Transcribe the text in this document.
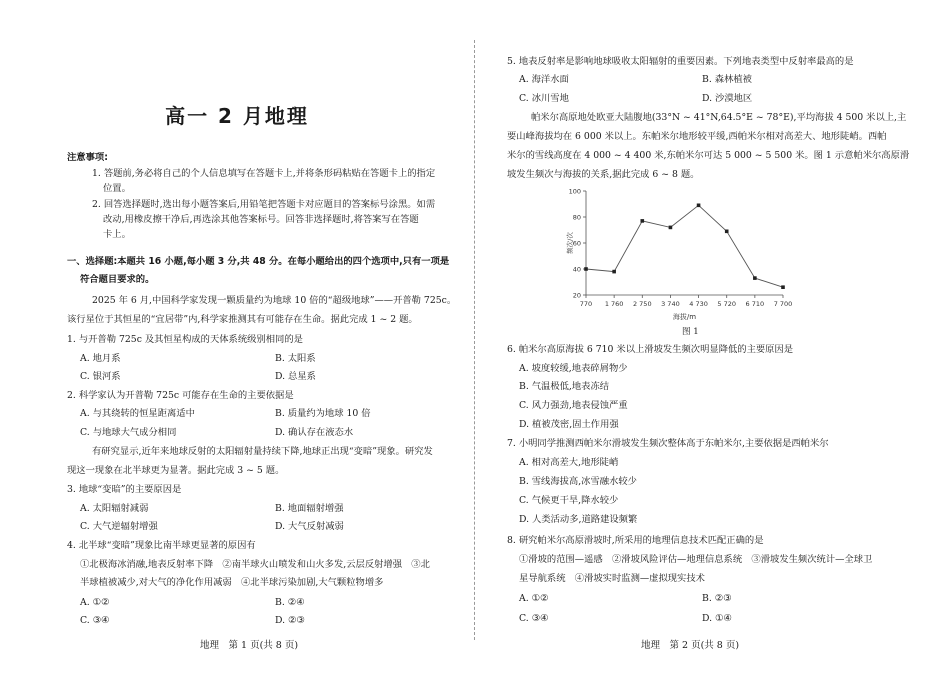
高一 2 月地理
注意事项:
1. 答题前,务必将自己的个人信息填写在答题卡上,并将条形码粘贴在答题卡上的指定
位置。
2. 回答选择题时,选出每小题答案后,用铅笔把答题卡对应题目的答案标号涂黑。如需
改动,用橡皮擦干净后,再选涂其他答案标号。回答非选择题时,将答案写在答题
卡上。
一、选择题:本题共 16 小题,每小题 3 分,共 48 分。在每小题给出的四个选项中,只有一项是
符合题目要求的。
2025 年 6 月,中国科学家发现一颗质量约为地球 10 倍的“超级地球”——开普勒 725c。
该行星位于其恒星的“宜居带”内,科学家推测其有可能存在生命。据此完成 1 ~ 2 题。
1. 与开普勒 725c 及其恒星构成的天体系统级别相同的是
A. 地月系	B. 太阳系
C. 银河系	D. 总星系
2. 科学家认为开普勒 725c 可能存在生命的主要依据是
A. 与其绕转的恒星距离适中	B. 质量约为地球 10 倍
C. 与地球大气成分相同	D. 确认存在液态水
有研究显示,近年来地球反射的太阳辐射量持续下降,地球正出现“变暗”现象。研究发
现这一现象在北半球更为显著。据此完成 3 ~ 5 题。
3. 地球“变暗”的主要原因是
A. 太阳辐射减弱	B. 地面辐射增强
C. 大气逆辐射增强	D. 大气反射减弱
4. 北半球“变暗”现象比南半球更显著的原因有
①北极海冰消融,地表反射率下降　②南半球火山喷发和山火多发,云层反射增强　③北
半球植被减少,对大气的净化作用减弱　④北半球污染加剧,大气颗粒物增多
A. ①②	B. ②④
C. ③④	D. ②③
地理　第 1 页(共 8 页)
5. 地表反射率是影响地球吸收太阳辐射的重要因素。下列地表类型中反射率最高的是
A. 海洋水面	B. 森林植被
C. 冰川雪地	D. 沙漠地区
帕米尔高原地处欧亚大陆腹地(33°N ~ 41°N,64.5°E ~ 78°E),平均海拔 4 500 米以上,主
要山峰海拔均在 6 000 米以上。东帕米尔地形较平缓,西帕米尔相对高差大、地形陡峭。西帕
米尔的雪线高度在 4 000 ~ 4 400 米,东帕米尔可达 5 000 ~ 5 500 米。图 1 示意帕米尔高原滑
坡发生频次与海拔的关系,据此完成 6 ~ 8 题。
20
40
60
80
100
770 1 760 2 750 3 740 4 730 5 720 6 710 7 700
海拔/m
频次/次
图 1
6. 帕米尔高原海拔 6 710 米以上滑坡发生频次明显降低的主要原因是
A. 坡度较缓,地表碎屑物少
B. 气温极低,地表冻结
C. 风力强劲,地表侵蚀严重
D. 植被茂密,固土作用强
7. 小明同学推测西帕米尔滑坡发生频次整体高于东帕米尔,主要依据是西帕米尔
A. 相对高差大,地形陡峭
B. 雪线海拔高,冰雪融水较少
C. 气候更干旱,降水较少
D. 人类活动多,道路建设频繁
8. 研究帕米尔高原滑坡时,所采用的地理信息技术匹配正确的是
①滑坡的范围—遥感　②滑坡风险评估—地理信息系统　③滑坡发生频次统计—全球卫
星导航系统　④滑坡实时监测—虚拟现实技术
A. ①②	B. ②③
C. ③④	D. ①④
地理　第 2 页(共 8 页)
